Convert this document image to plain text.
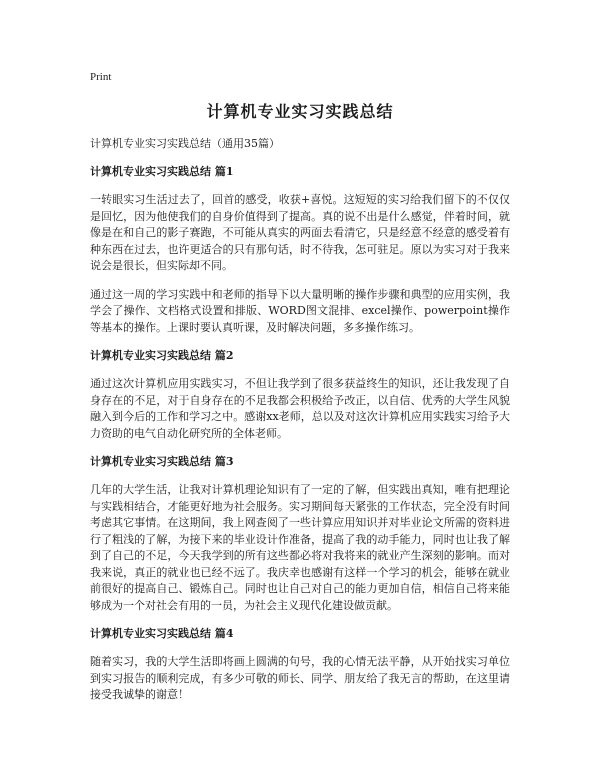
Print
计算机专业实习实践总结
计算机专业实习实践总结（通用35篇）
计算机专业实习实践总结 篇1
一转眼实习生活过去了，回首的感受，收获+喜悦。这短短的实习给我们留下的不仅仅是回忆，因为他使我们的自身价值得到了提高。真的说不出是什么感觉，伴着时间，就像是在和自己的影子赛跑，不可能从真实的两面去看清它，只是经意不经意的感受着有种东西在过去，也许更适合的只有那句话，时不待我，怎可驻足。原以为实习对于我来说会是很长，但实际却不同。
通过这一周的学习实践中和老师的指导下以大量明晰的操作步骤和典型的应用实例，我学会了操作、文档格式设置和排版、WORD图文混排、excel操作、powerpoint操作等基本的操作。上课时要认真听课，及时解决问题，多多操作练习。
计算机专业实习实践总结 篇2
通过这次计算机应用实践实习，不但让我学到了很多获益终生的知识，还让我发现了自身存在的不足，对于自身存在的不足我都会积极给予改正，以自信、优秀的大学生风貌融入到今后的工作和学习之中。感谢xx老师，总以及对这次计算机应用实践实习给予大力资助的电气自动化研究所的全体老师。
计算机专业实习实践总结 篇3
几年的大学生活，让我对计算机理论知识有了一定的了解，但实践出真知，唯有把理论与实践相结合，才能更好地为社会服务。实习期间每天紧张的工作状态，完全没有时间考虑其它事情。在这期间，我上网查阅了一些计算应用知识并对毕业论文所需的资料进行了粗浅的了解，为接下来的毕业设计作准备，提高了我的动手能力，同时也让我了解到了自己的不足，今天我学到的所有这些都必将对我将来的就业产生深刻的影响。而对我来说，真正的就业也已经不远了。我庆幸也感谢有这样一个学习的机会，能够在就业前很好的提高自己、锻炼自己。同时也让自己对自己的能力更加自信，相信自己将来能够成为一个对社会有用的一员，为社会主义现代化建设做贡献。
计算机专业实习实践总结 篇4
随着实习，我的大学生活即将画上圆满的句号，我的心情无法平静，从开始找实习单位到实习报告的顺利完成，有多少可敬的师长、同学、朋友给了我无言的帮助，在这里请接受我诚挚的谢意！
